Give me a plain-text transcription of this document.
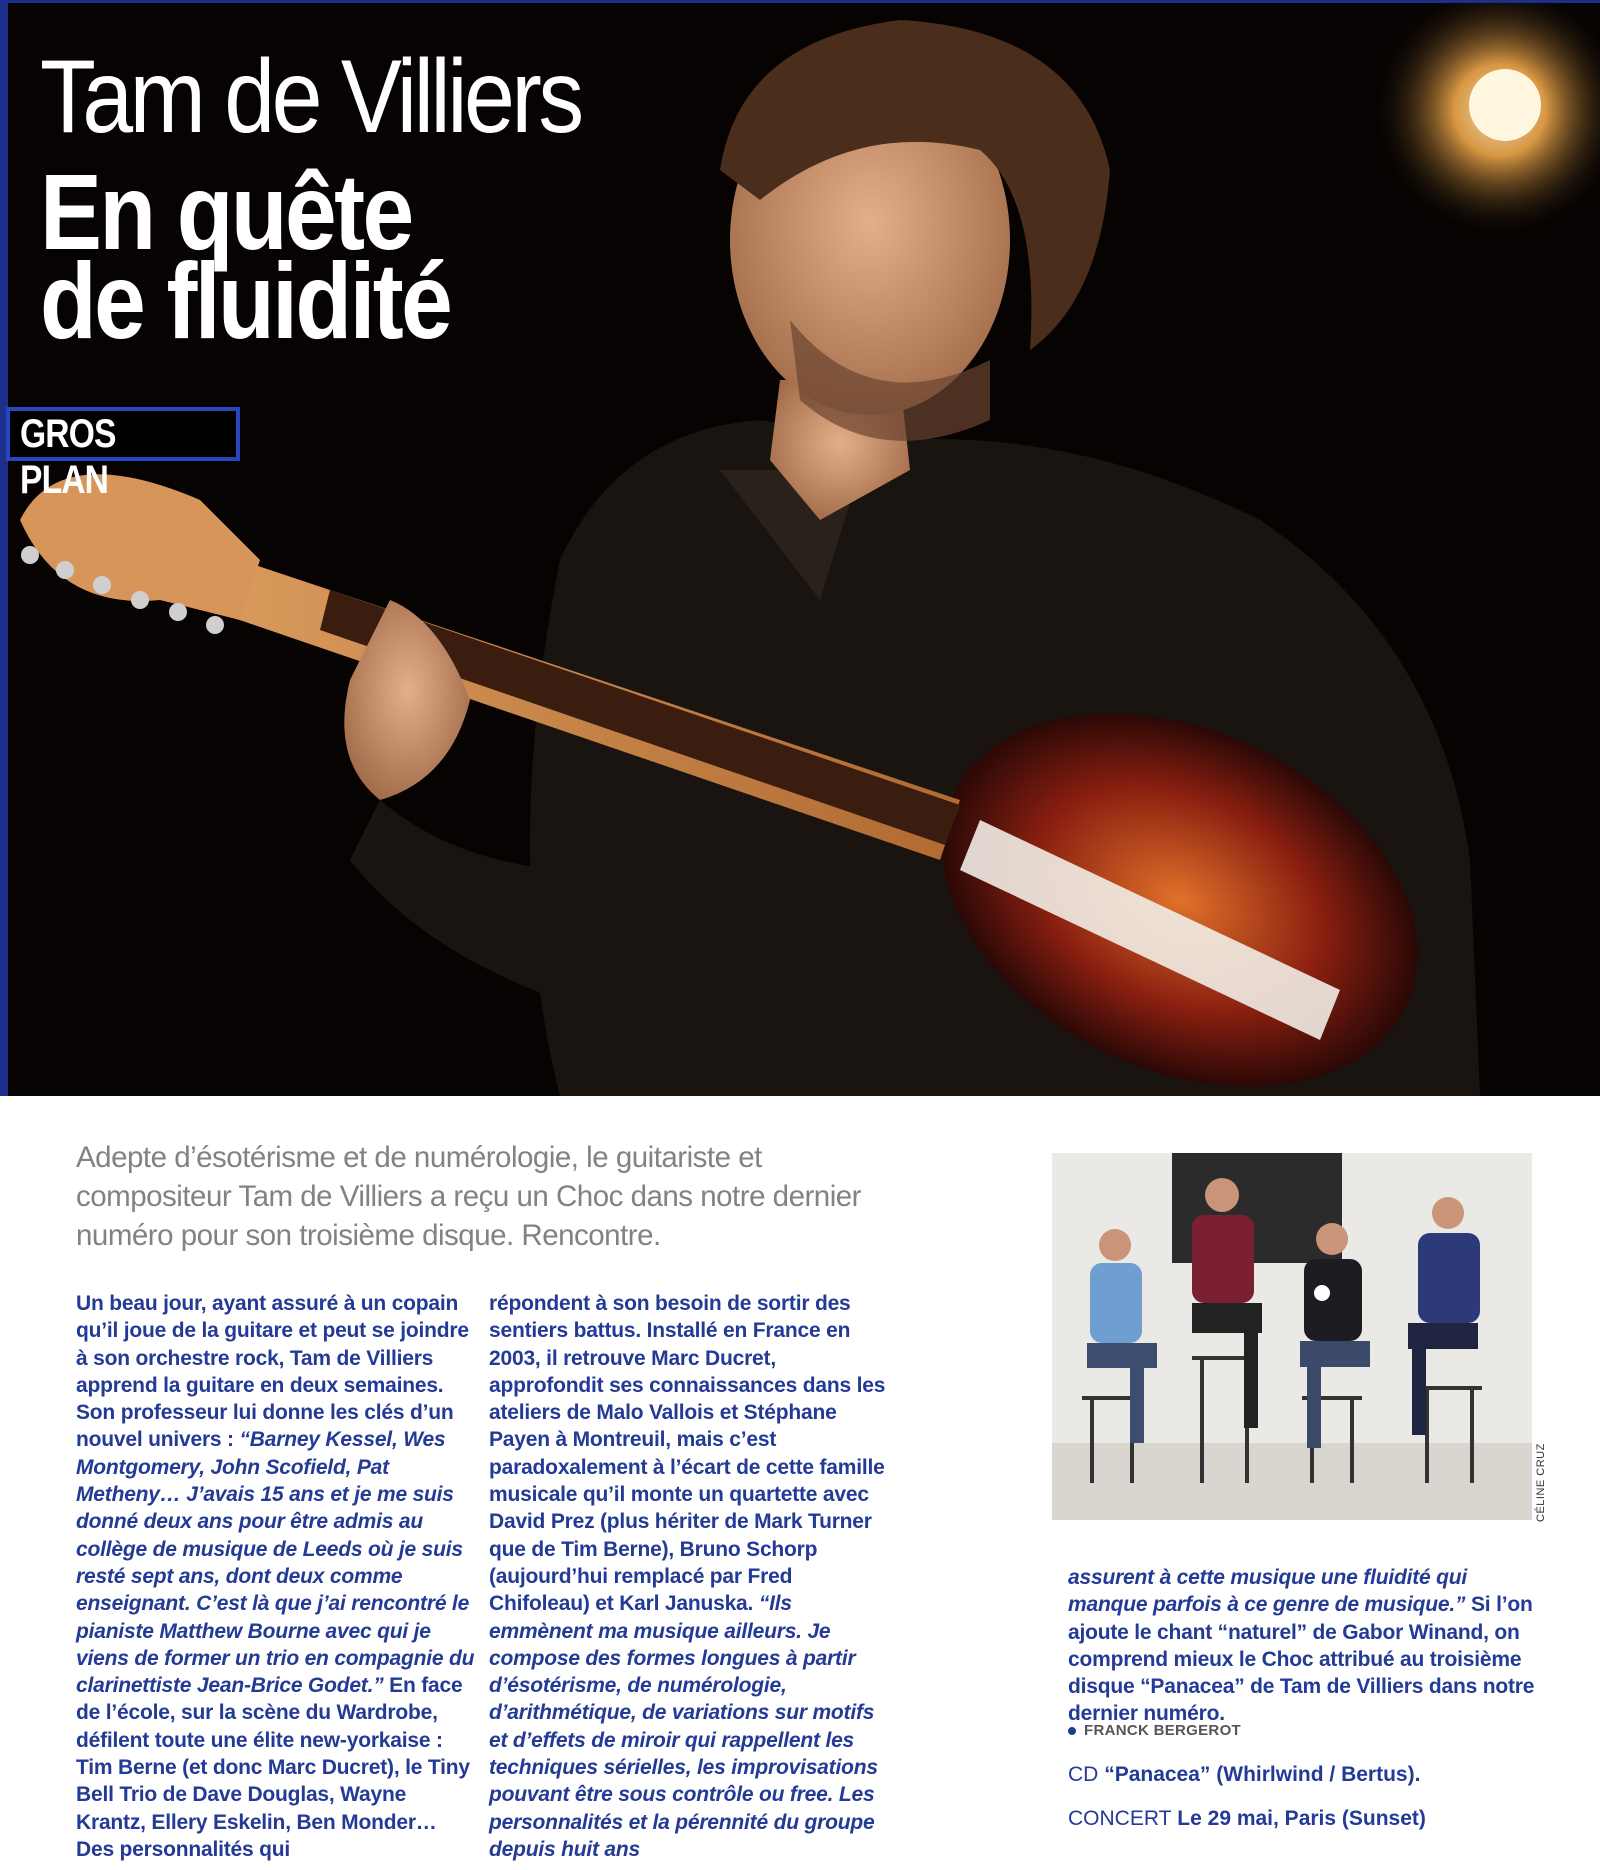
Tam de Villiers
En quête
de fluidité
GROS PLAN
Adepte d’ésotérisme et de numérologie, le guitariste et compositeur Tam de Villiers a reçu un Choc dans notre dernier numéro pour son troisième disque. Rencontre.

Un beau jour, ayant assuré à un copain qu’il joue de la guitare et peut se joindre à son orchestre rock, Tam de Villiers apprend la guitare en deux semaines. Son professeur lui donne les clés d’un nouvel univers : “Barney Kessel, Wes Montgomery, John Scofield, Pat Metheny… J’avais 15 ans et je me suis donné deux ans pour être admis au collège de musique de Leeds où je suis resté sept ans, dont deux comme enseignant. C’est là que j’ai rencontré le pianiste Matthew Bourne avec qui je viens de former un trio en compagnie du clarinettiste Jean-Brice Godet.” En face de l’école, sur la scène du Wardrobe, défilent toute une élite new-yorkaise : Tim Berne (et donc Marc Ducret), le Tiny Bell Trio de Dave Douglas, Wayne Krantz, Ellery Eskelin, Ben Monder… Des personnalités qui

répondent à son besoin de sortir des sentiers battus. Installé en France en 2003, il retrouve Marc Ducret, approfondit ses connaissances dans les ateliers de Malo Vallois et Stéphane Payen à Montreuil, mais c’est paradoxalement à l’écart de cette famille musicale qu’il monte un quartette avec David Prez (plus hériter de Mark Turner que de Tim Berne), Bruno Schorp (aujourd’hui remplacé par Fred Chifoleau) et Karl Januska. “Ils emmènent ma musique ailleurs. Je compose des formes longues à partir d’ésotérisme, de numérologie, d’arithmétique, de variations sur motifs et d’effets de miroir qui rappellent les techniques sérielles, les improvisations pouvant être sous contrôle ou free. Les personnalités et la pérennité du groupe depuis huit ans

CÉLINE CRUZ

assurent à cette musique une fluidité qui manque parfois à ce genre de musique.” Si l’on ajoute le chant “naturel” de Gabor Winand, on comprend mieux le Choc attribué au troisième disque “Panacea” de Tam de Villiers dans notre dernier numéro.

FRANCK BERGEROT
CD “Panacea” (Whirlwind / Bertus).
CONCERT Le 29 mai, Paris (Sunset)
